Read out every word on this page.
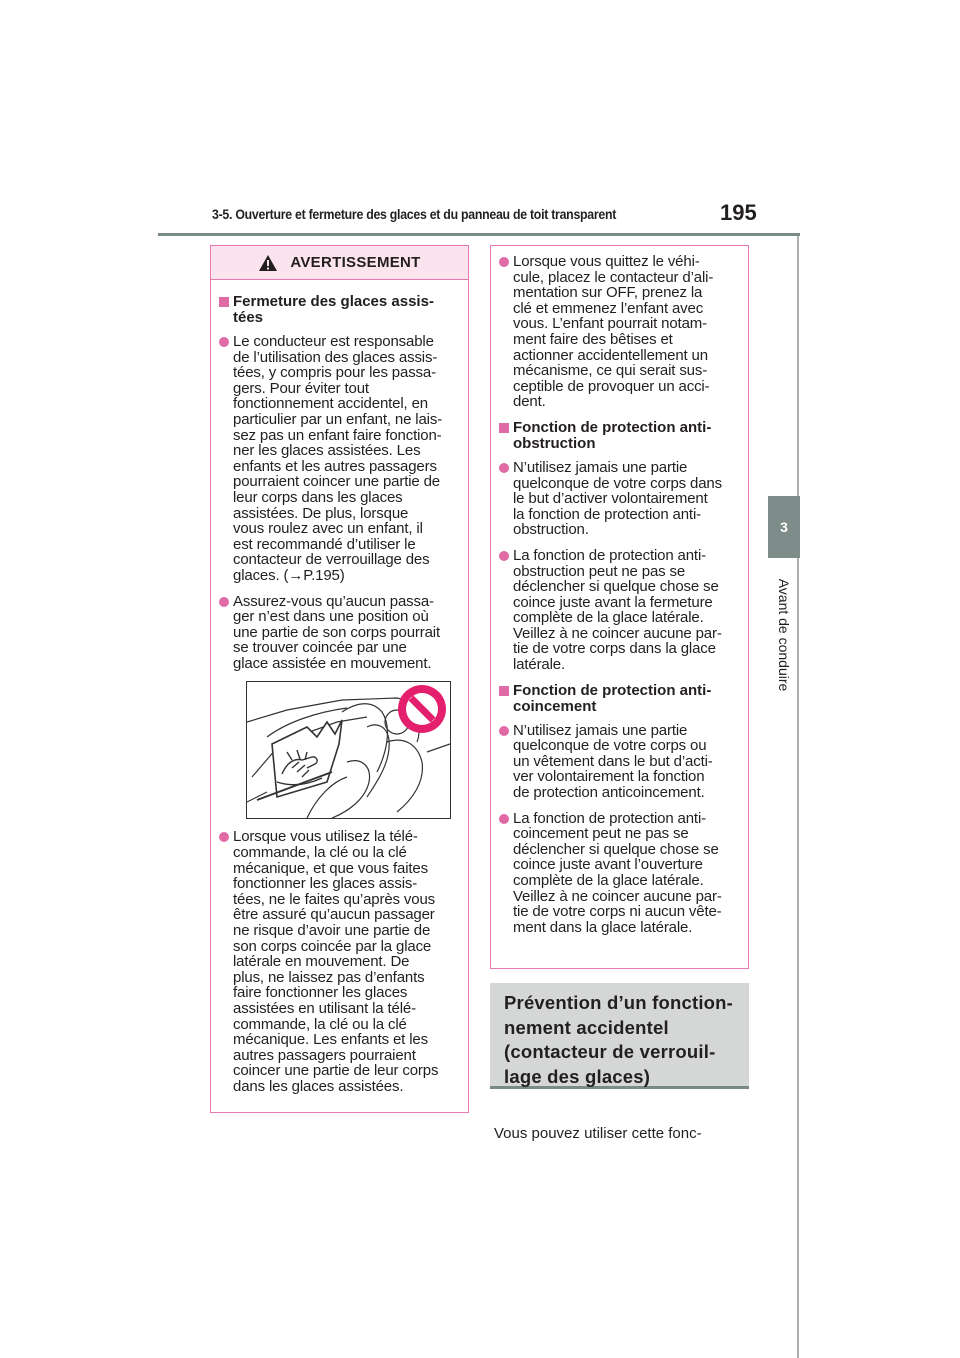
3-5. Ouverture et fermeture des glaces et du panneau de toit transparent	195
3
Avant de conduire
AVERTISSEMENT
Fermeture des glaces assis-
tées
Le conducteur est responsable
de l’utilisation des glaces assis-
tées, y compris pour les passa-
gers. Pour éviter tout
fonctionnement accidentel, en
particulier par un enfant, ne lais-
sez pas un enfant faire fonction-
ner les glaces assistées. Les
enfants et les autres passagers
pourraient coincer une partie de
leur corps dans les glaces
assistées. De plus, lorsque
vous roulez avec un enfant, il
est recommandé d’utiliser le
contacteur de verrouillage des
glaces. (→P.195)
Assurez-vous qu’aucun passa-
ger n’est dans une position où
une partie de son corps pourrait
se trouver coincée par une
glace assistée en mouvement.
Lorsque vous utilisez la télé-
commande, la clé ou la clé
mécanique, et que vous faites
fonctionner les glaces assis-
tées, ne le faites qu’après vous
être assuré qu’aucun passager
ne risque d’avoir une partie de
son corps coincée par la glace
latérale en mouvement. De
plus, ne laissez pas d’enfants
faire fonctionner les glaces
assistées en utilisant la télé-
commande, la clé ou la clé
mécanique. Les enfants et les
autres passagers pourraient
coincer une partie de leur corps
dans les glaces assistées.
Lorsque vous quittez le véhi-
cule, placez le contacteur d’ali-
mentation sur OFF, prenez la
clé et emmenez l’enfant avec
vous. L’enfant pourrait notam-
ment faire des bêtises et
actionner accidentellement un
mécanisme, ce qui serait sus-
ceptible de provoquer un acci-
dent.
Fonction de protection anti-
obstruction
N’utilisez jamais une partie
quelconque de votre corps dans
le but d’activer volontairement
la fonction de protection anti-
obstruction.
La fonction de protection anti-
obstruction peut ne pas se
déclencher si quelque chose se
coince juste avant la fermeture
complète de la glace latérale.
Veillez à ne coincer aucune par-
tie de votre corps dans la glace
latérale.
Fonction de protection anti-
coincement
N’utilisez jamais une partie
quelconque de votre corps ou
un vêtement dans le but d’acti-
ver volontairement la fonction
de protection anticoincement.
La fonction de protection anti-
coincement peut ne pas se
déclencher si quelque chose se
coince juste avant l’ouverture
complète de la glace latérale.
Veillez à ne coincer aucune par-
tie de votre corps ni aucun vête-
ment dans la glace latérale.
Prévention d’un fonction-
nement accidentel
(contacteur de verrouil-
lage des glaces)
Vous pouvez utiliser cette fonc-
